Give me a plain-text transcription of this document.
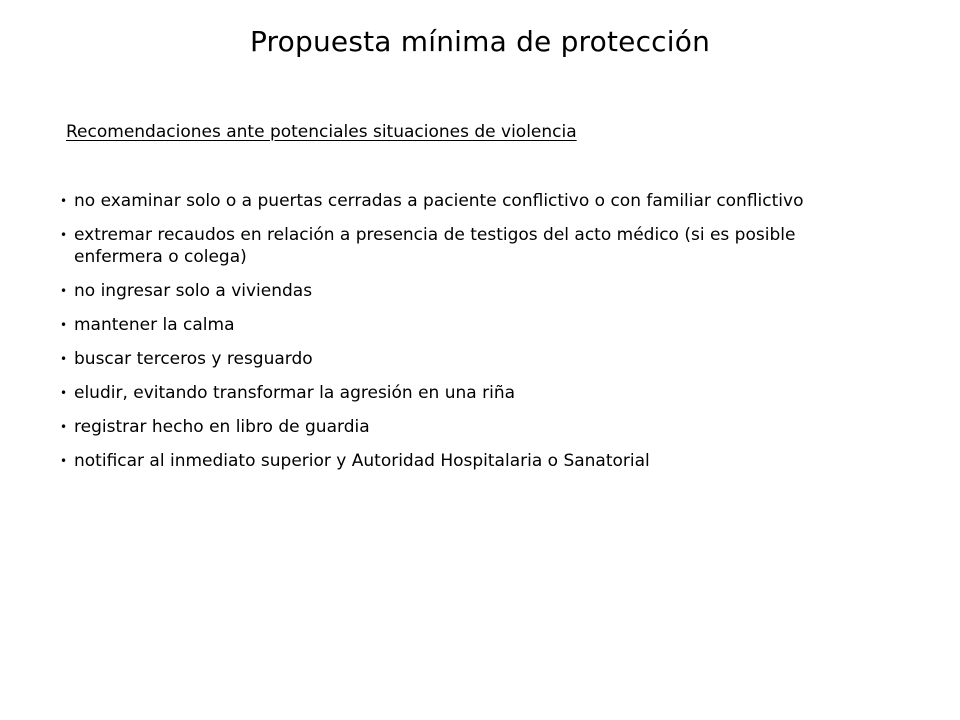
Propuesta mínima de protección
Recomendaciones ante potenciales situaciones de violencia
• no examinar solo o a puertas cerradas a paciente conflictivo o con familiar conflictivo
• extremar recaudos en relación a presencia de testigos del acto médico (si es posible enfermera o colega)
• no ingresar solo a viviendas
• mantener la calma
• buscar terceros y resguardo
• eludir, evitando transformar la agresión en una riña
• registrar hecho en libro de guardia
• notificar al inmediato superior y Autoridad Hospitalaria o Sanatorial
